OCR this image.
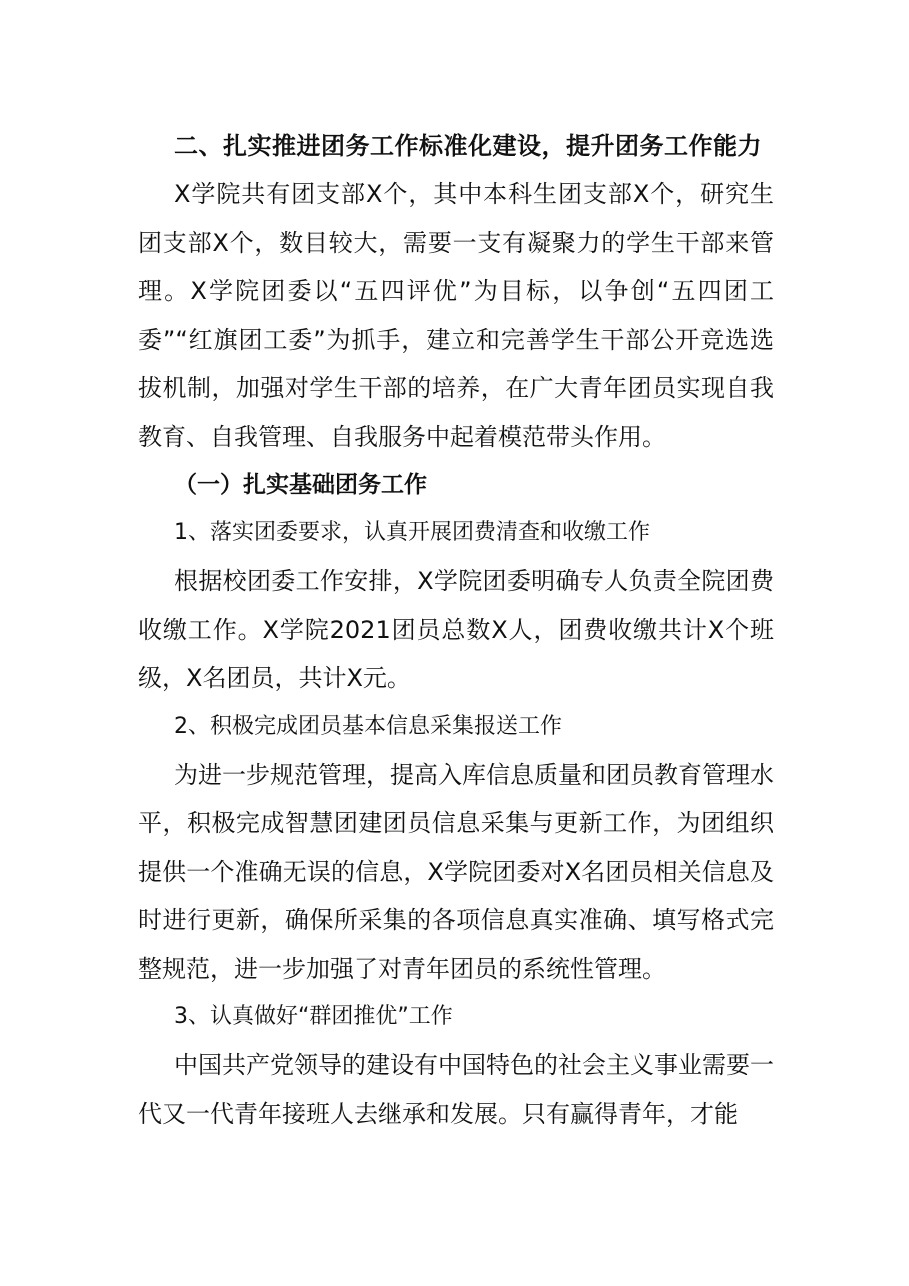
二、扎实推进团务工作标准化建设，提升团务工作能力

X学院共有团支部X个，其中本科生团支部X个，研究生团支部X个，数目较大，需要一支有凝聚力的学生干部来管理。X学院团委以“五四评优”为目标，以争创“五四团工委”“红旗团工委”为抓手，建立和完善学生干部公开竞选选拔机制，加强对学生干部的培养，在广大青年团员实现自我教育、自我管理、自我服务中起着模范带头作用。

（一）扎实基础团务工作

1、落实团委要求，认真开展团费清查和收缴工作

根据校团委工作安排，X学院团委明确专人负责全院团费收缴工作。X学院2021团员总数X人，团费收缴共计X个班级，X名团员，共计X元。

2、积极完成团员基本信息采集报送工作

为进一步规范管理，提高入库信息质量和团员教育管理水平，积极完成智慧团建团员信息采集与更新工作，为团组织提供一个准确无误的信息，X学院团委对X名团员相关信息及时进行更新，确保所采集的各项信息真实准确、填写格式完整规范，进一步加强了对青年团员的系统性管理。

3、认真做好“群团推优”工作

中国共产党领导的建设有中国特色的社会主义事业需要一代又一代青年接班人去继承和发展。只有赢得青年，才能
